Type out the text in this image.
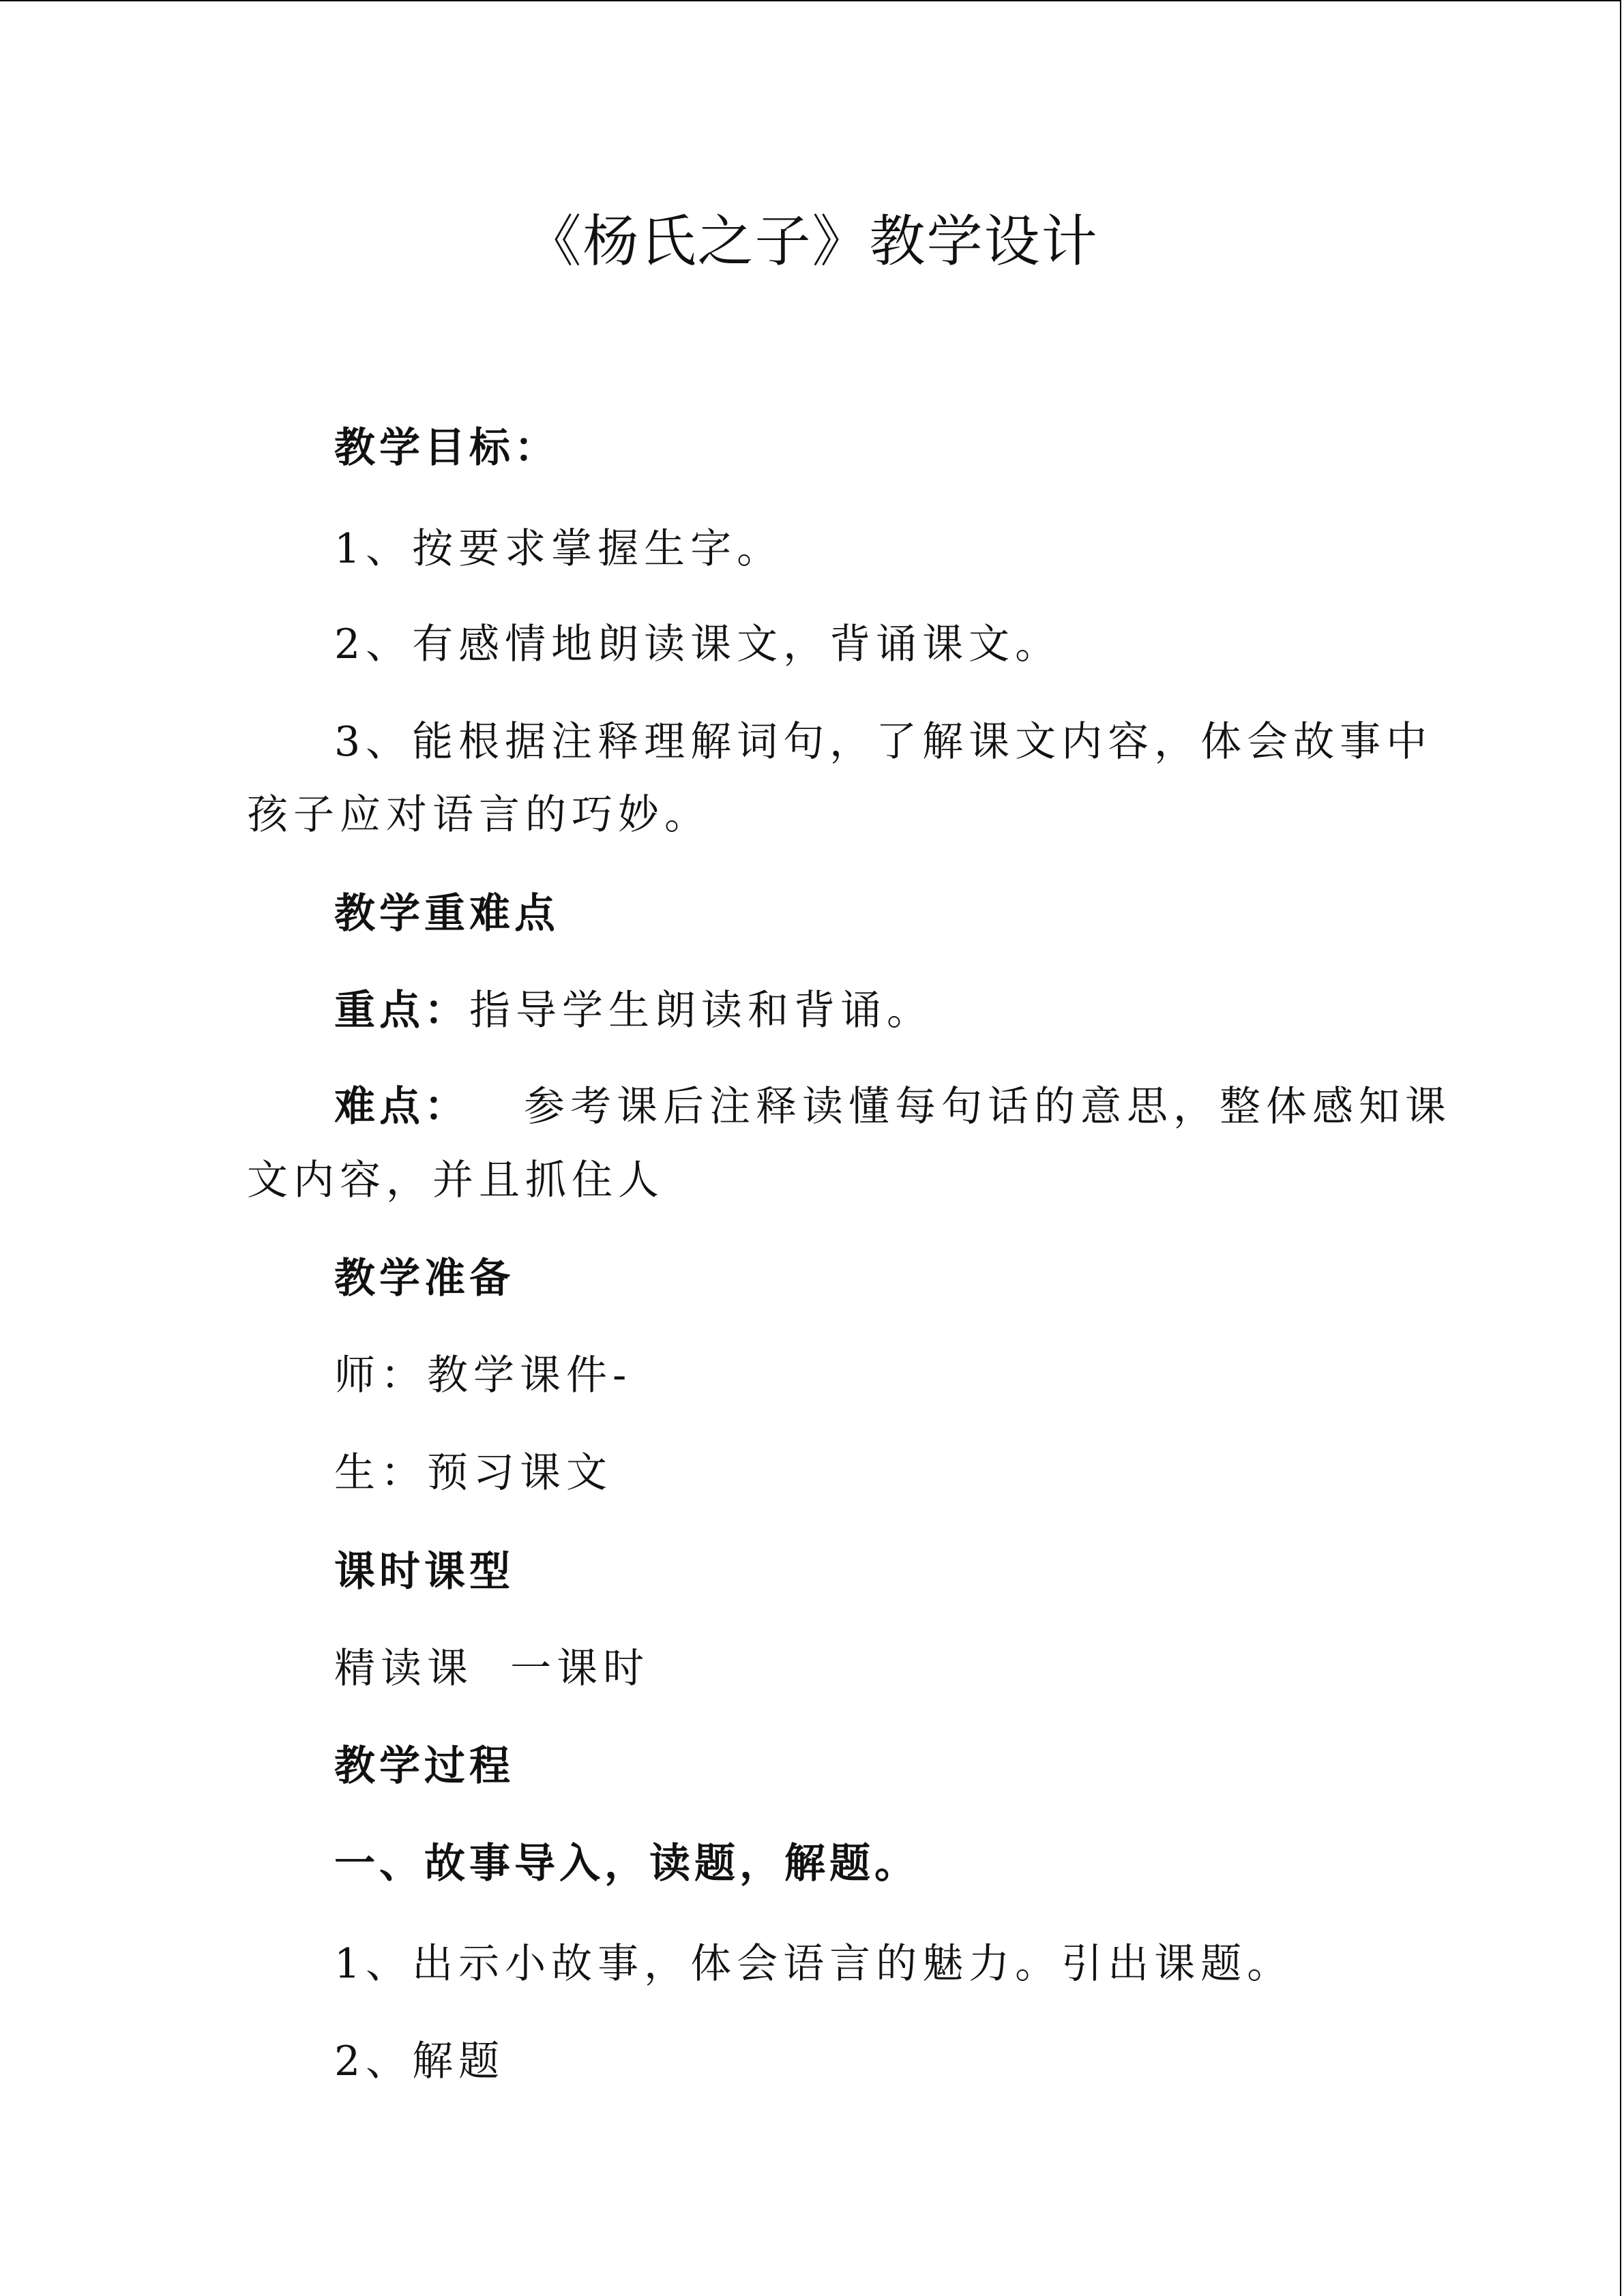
《杨氏之子》教学设计
教学目标：
1、按要求掌握生字。
2、有感情地朗读课文，背诵课文。
3、能根据注释理解词句，了解课文内容，体会故事中
孩子应对语言的巧妙。
教学重难点
重点：指导学生朗读和背诵。
难点： 参考课后注释读懂每句话的意思，整体感知课
文内容，并且抓住人
教学准备
师：教学课件-
生：预习课文
课时课型
精读课  一课时
教学过程
一、故事导入，读题，解题。
1、出示小故事，体会语言的魅力。引出课题。
2、解题
